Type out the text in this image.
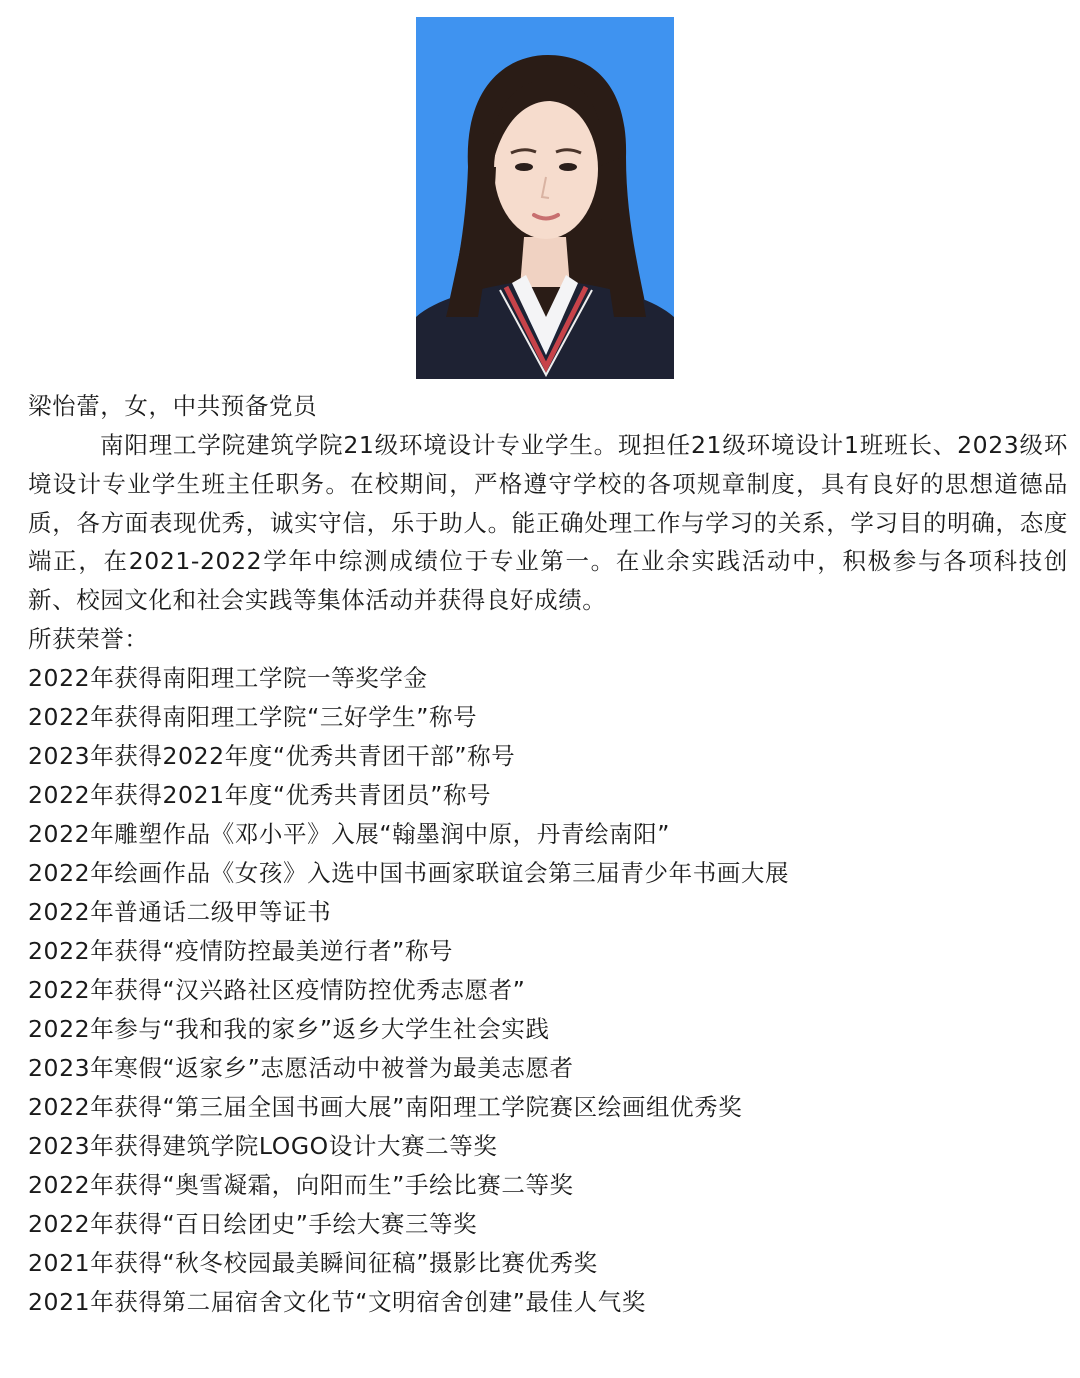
梁怡蕾，女，中共预备党员
南阳理工学院建筑学院21级环境设计专业学生。现担任21级环境设计1班班长、2023级环境设计专业学生班主任职务。在校期间，严格遵守学校的各项规章制度，具有良好的思想道德品质，各方面表现优秀，诚实守信，乐于助人。能正确处理工作与学习的关系，学习目的明确，态度端正，在2021-2022学年中综测成绩位于专业第一。在业余实践活动中，积极参与各项科技创新、校园文化和社会实践等集体活动并获得良好成绩。
所获荣誉：
2022年获得南阳理工学院一等奖学金
2022年获得南阳理工学院“三好学生”称号
2023年获得2022年度“优秀共青团干部”称号
2022年获得2021年度“优秀共青团员”称号
2022年雕塑作品《邓小平》入展“翰墨润中原，丹青绘南阳”
2022年绘画作品《女孩》入选中国书画家联谊会第三届青少年书画大展
2022年普通话二级甲等证书
2022年获得“疫情防控最美逆行者”称号
2022年获得“汉兴路社区疫情防控优秀志愿者”
2022年参与“我和我的家乡”返乡大学生社会实践
2023年寒假“返家乡”志愿活动中被誉为最美志愿者
2022年获得“第三届全国书画大展”南阳理工学院赛区绘画组优秀奖
2023年获得建筑学院LOGO设计大赛二等奖
2022年获得“奥雪凝霜，向阳而生”手绘比赛二等奖
2022年获得“百日绘团史”手绘大赛三等奖
2021年获得“秋冬校园最美瞬间征稿”摄影比赛优秀奖
2021年获得第二届宿舍文化节“文明宿舍创建”最佳人气奖
